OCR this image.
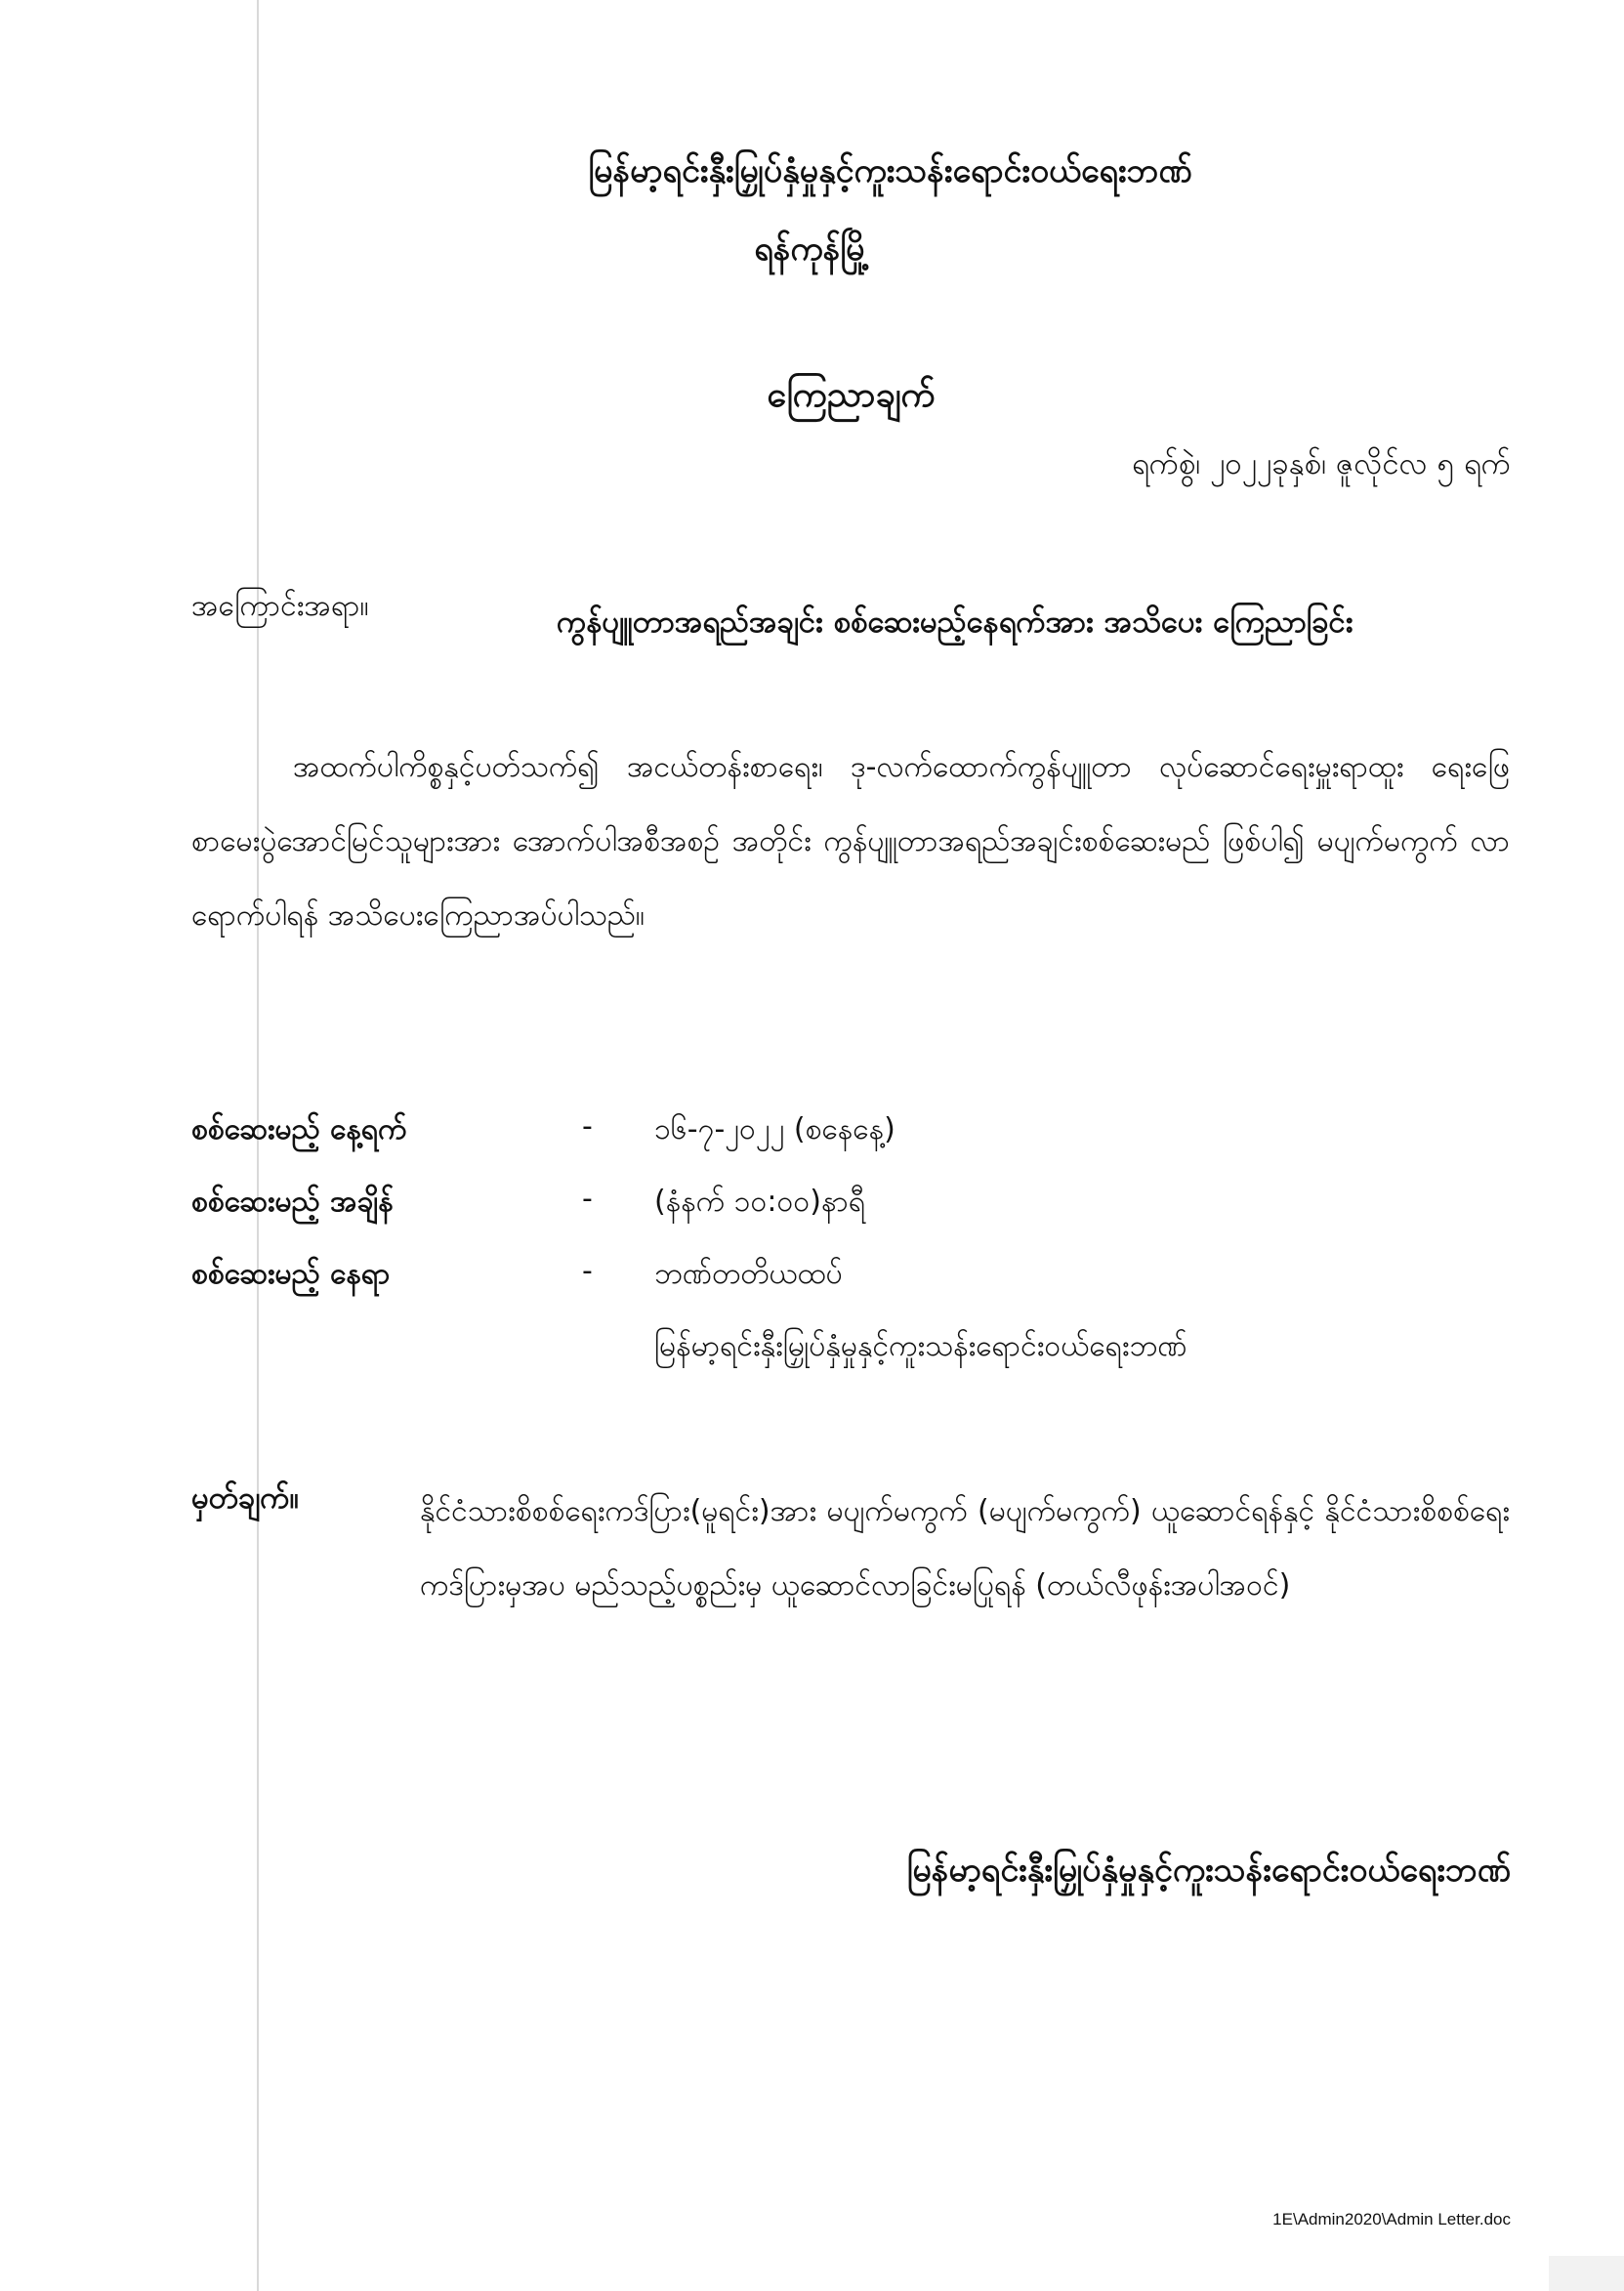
မြန်မာ့ရင်းနှီးမြှုပ်နှံမှုနှင့်ကူးသန်းရောင်းဝယ်ရေးဘဏ်
ရန်ကုန်မြို့
ကြေညာချက်
ရက်စွဲ၊ ၂၀၂၂ခုနှစ်၊ ဇူလိုင်လ ၅ ရက်
အကြောင်းအရာ။	ကွန်ပျူတာအရည်အချင်း စစ်ဆေးမည့်နေရက်အား အသိပေး ကြေညာခြင်း
အထက်ပါကိစ္စနှင့်ပတ်သက်၍ အငယ်တန်းစာရေး၊ ဒု-လက်ထောက်ကွန်ပျူတာ လုပ်ဆောင်ရေးမှူးရာထူး ရေးဖြေစာမေးပွဲအောင်မြင်သူများအား အောက်ပါအစီအစဉ် အတိုင်း ကွန်ပျူတာအရည်အချင်းစစ်ဆေးမည် ဖြစ်ပါ၍ မပျက်မကွက် လာရောက်ပါရန် အသိပေးကြေညာအပ်ပါသည်။
စစ်ဆေးမည့် နေ့ရက်	- ၁၆-၇-၂၀၂၂ (စနေနေ့)
စစ်ဆေးမည့် အချိန်	- (နံနက် ၁၀:၀၀)နာရီ
စစ်ဆေးမည့် နေရာ	- ဘဏ်တတိယထပ်
မြန်မာ့ရင်းနှီးမြှုပ်နှံမှုနှင့်ကူးသန်းရောင်းဝယ်ရေးဘဏ်
မှတ်ချက်။	နိုင်ငံသားစိစစ်ရေးကဒ်ပြား(မူရင်း)အား မပျက်မကွက် (မပျက်မကွက်) ယူဆောင်ရန်နှင့် နိုင်ငံသားစိစစ်ရေးကဒ်ပြားမှအပ မည်သည့်ပစ္စည်းမှ ယူဆောင်လာခြင်းမပြုရန် (တယ်လီဖုန်းအပါအဝင်)
မြန်မာ့ရင်းနှီးမြှုပ်နှံမှုနှင့်ကူးသန်းရောင်းဝယ်ရေးဘဏ်
1E\Admin2020\Admin Letter.doc
